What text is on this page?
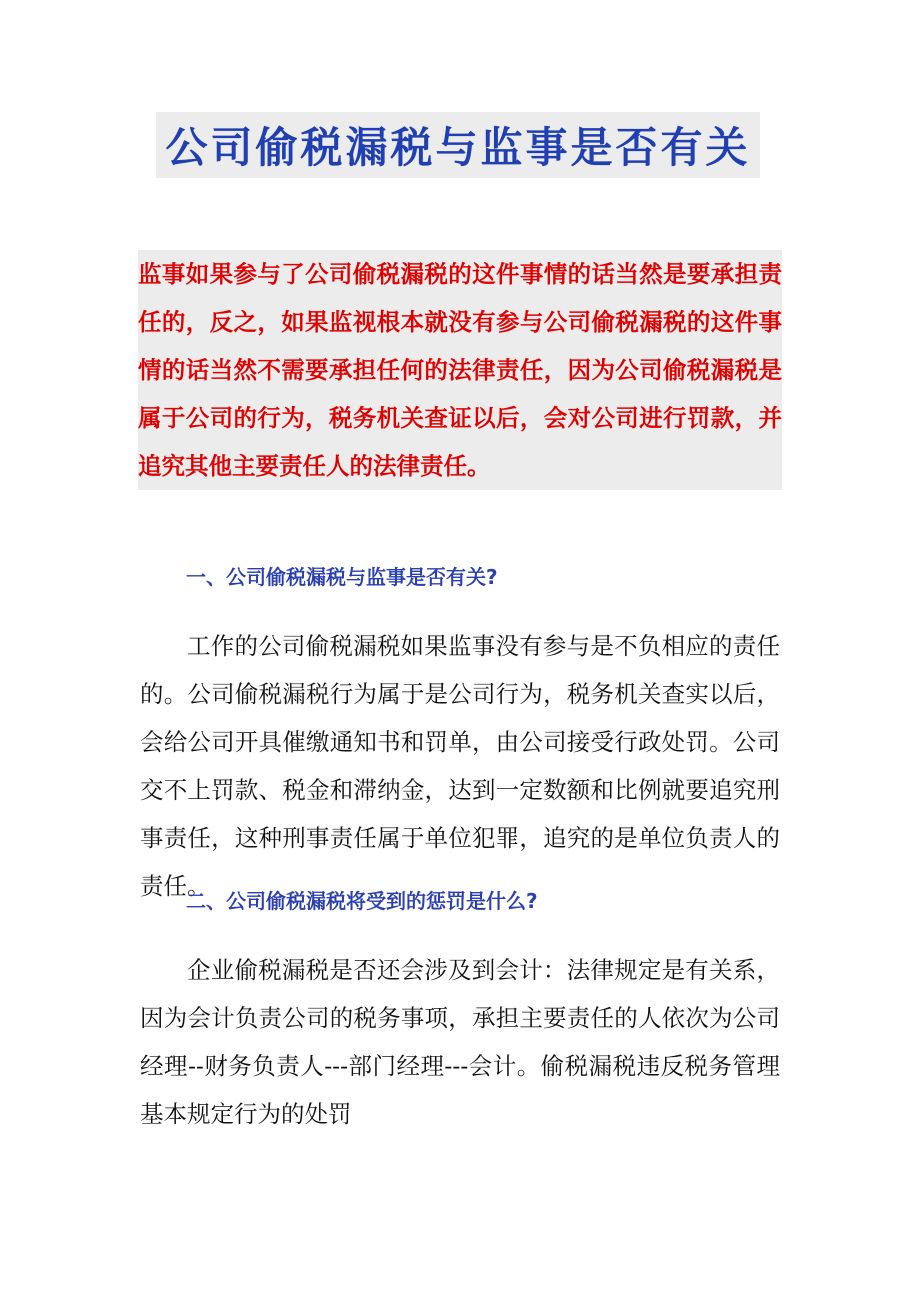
公司偷税漏税与监事是否有关

监事如果参与了公司偷税漏税的这件事情的话当然是要承担责任的，反之，如果监视根本就没有参与公司偷税漏税的这件事情的话当然不需要承担任何的法律责任，因为公司偷税漏税是属于公司的行为，税务机关查证以后，会对公司进行罚款，并追究其他主要责任人的法律责任。

一、公司偷税漏税与监事是否有关?

工作的公司偷税漏税如果监事没有参与是不负相应的责任的。公司偷税漏税行为属于是公司行为，税务机关查实以后，会给公司开具催缴通知书和罚单，由公司接受行政处罚。公司交不上罚款、税金和滞纳金，达到一定数额和比例就要追究刑事责任，这种刑事责任属于单位犯罪，追究的是单位负责人的责任。

二、公司偷税漏税将受到的惩罚是什么?

企业偷税漏税是否还会涉及到会计：法律规定是有关系，因为会计负责公司的税务事项，承担主要责任的人依次为公司经理--财务负责人---部门经理---会计。偷税漏税违反税务管理基本规定行为的处罚
